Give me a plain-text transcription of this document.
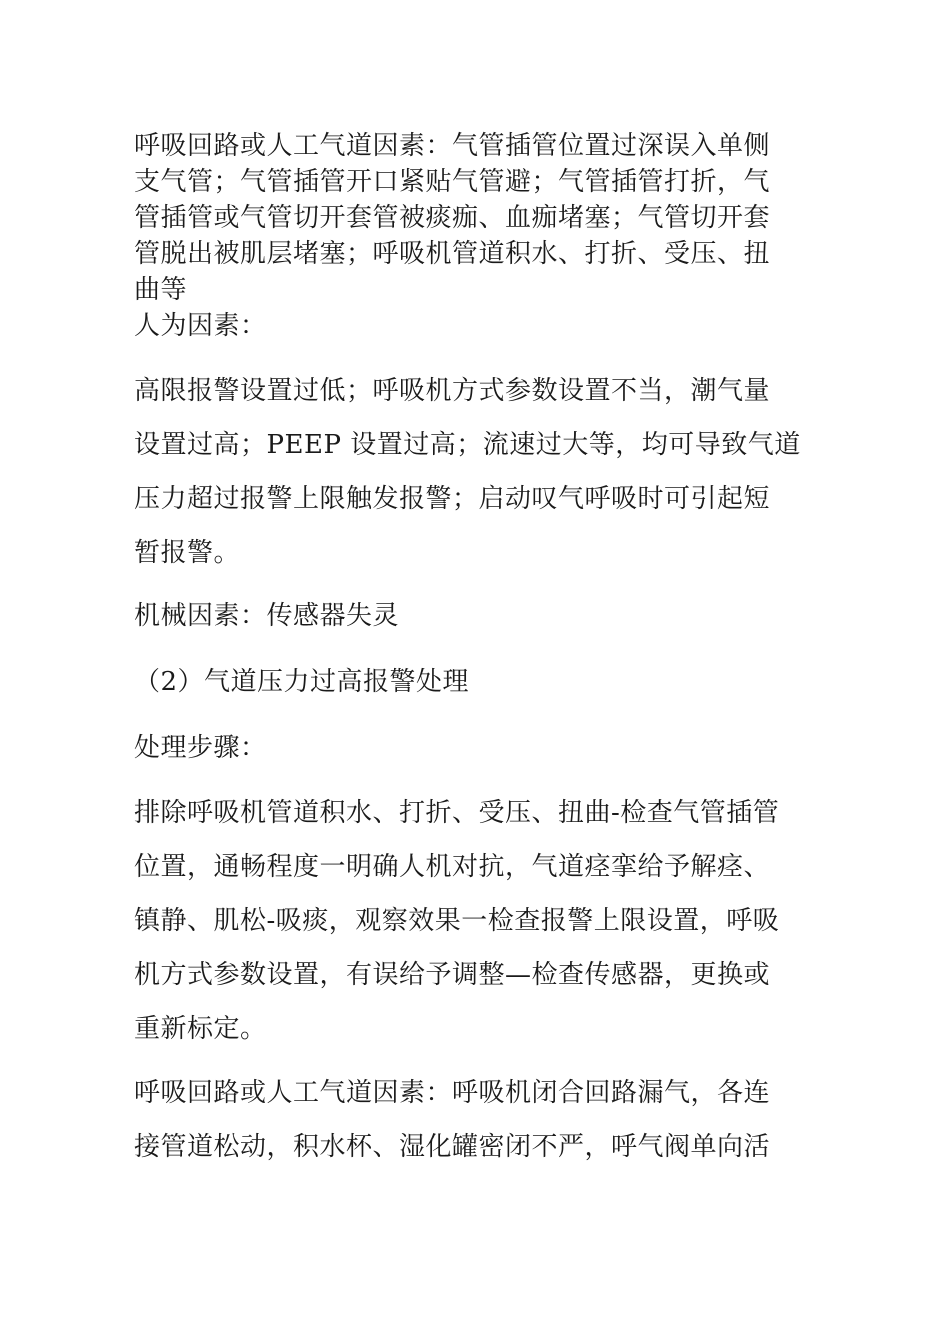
呼吸回路或人工气道因素：气管插管位置过深误入单侧
支气管；气管插管开口紧贴气管避；气管插管打折，气
管插管或气管切开套管被痰痂、血痂堵塞；气管切开套
管脱出被肌层堵塞；呼吸机管道积水、打折、受压、扭
曲等

人为因素：

高限报警设置过低；呼吸机方式参数设置不当，潮气量
设置过高；PEEP 设置过高；流速过大等，均可导致气道
压力超过报警上限触发报警；启动叹气呼吸时可引起短
暂报警。

机械因素：传感器失灵

（2）气道压力过高报警处理

处理步骤：

排除呼吸机管道积水、打折、受压、扭曲-检查气管插管
位置，通畅程度一明确人机对抗，气道痉挛给予解痉、
镇静、肌松-吸痰，观察效果一检查报警上限设置，呼吸
机方式参数设置，有误给予调整—检查传感器，更换或
重新标定。

呼吸回路或人工气道因素：呼吸机闭合回路漏气，各连
接管道松动，积水杯、湿化罐密闭不严，呼气阀单向活
